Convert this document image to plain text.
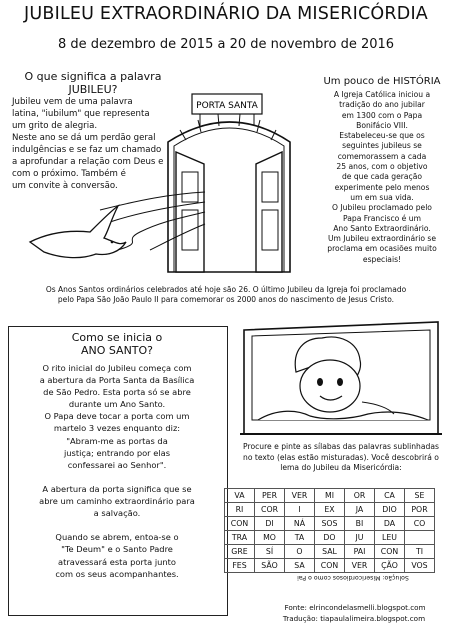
JUBILEU EXTRAORDINÁRIO DA MISERICÓRDIA
8 de dezembro de 2015 a 20 de novembro de 2016
O que significa a palavra
JUBILEU?
Jubileu vem de uma palavra
latina, "iubilum" que representa
um grito de alegria.
Neste ano se dá um perdão geral
indulgências e se faz um chamado
a aprofundar a relação com Deus e
com o próximo. Também é
um convite à conversão.
PORTA SANTA
Um pouco de HISTÓRIA
A Igreja Católica iniciou a
tradição do ano jubilar
em 1300 com o Papa
Bonifácio VIII.
Estabeleceu-se que os
seguintes jubileus se
comemorassem a cada
25 anos, com o objetivo
de que cada geração
experimente pelo menos
um em sua vida.
O Jubileu proclamado pelo
Papa Francisco é um
Ano Santo Extraordinário.
Um Jubileu extraordinário se
proclama em ocasiões muito
especiais!
Os Anos Santos ordinários celebrados até hoje são 26. O último Jubileu da Igreja foi proclamado
pelo Papa São João Paulo II para comemorar os 2000 anos do nascimento de Jesus Cristo.
Como se inicia o
ANO SANTO?
O rito inicial do Jubileu começa com
a abertura da Porta Santa da Basílica
de São Pedro. Esta porta só se abre
durante um Ano Santo.
O Papa deve tocar a porta com um
martelo 3 vezes enquanto diz:
"Abram-me as portas da
justiça; entrando por elas
confessarei ao Senhor".

A abertura da porta significa que se
abre um caminho extraordinário para
a salvação.

Quando se abrem, entoa-se o
"Te Deum" e o Santo Padre
atravessará esta porta junto
com os seus acompanhantes.
Procure e pinte as sílabas das palavras sublinhadas
no texto (elas estão misturadas). Você descobrirá o
lema do Jubileu da Misericórdia:
VA	PER	VER	MI	OR	CA	SE
RI	COR	I	EX	JA	DIO	POR
CON	DI	NÁ	SOS	BI	DA	CO
TRA	MO	TA	DO	JU	LEU	
GRE	SÍ	O	SAL	PAI	CON	TI
FES	SÃO	SA	CON	VER	ÇÃO	VOS
Solução: Misericordiosos como o Pai
Fonte: elrincondelasmelli.blogspot.com
Tradução: tiapaulalimeira.blogspot.com
